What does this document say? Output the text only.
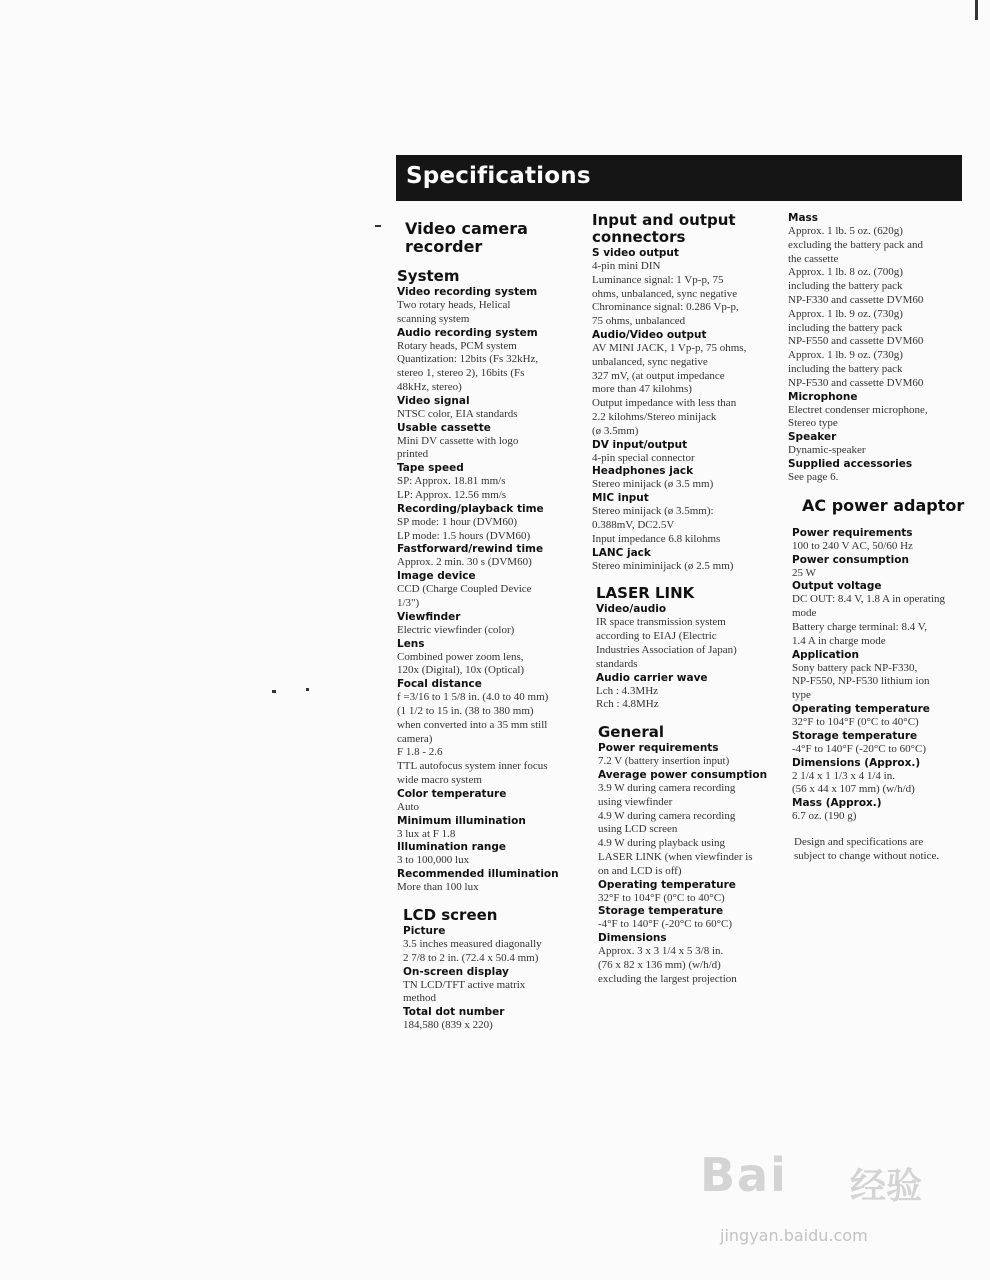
Specifications
Video camera
recorder
System
Video recording system
Two rotary heads, Helical
scanning system
Audio recording system
Rotary heads, PCM system
Quantization: 12bits (Fs 32kHz,
stereo 1, stereo 2), 16bits (Fs
48kHz, stereo)
Video signal
NTSC color, EIA standards
Usable cassette
Mini DV cassette with logo
printed
Tape speed
SP: Approx. 18.81 mm/s
LP: Approx. 12.56 mm/s
Recording/playback time
SP mode: 1 hour (DVM60)
LP mode: 1.5 hours (DVM60)
Fastforward/rewind time
Approx. 2 min. 30 s (DVM60)
Image device
CCD (Charge Coupled Device
1/3")
Viewfinder
Electric viewfinder (color)
Lens
Combined power zoom lens,
120x (Digital), 10x (Optical)
Focal distance
f =3/16 to 1 5/8 in. (4.0 to 40 mm)
(1 1/2 to 15 in. (38 to 380 mm)
when converted into a 35 mm still
camera)
F 1.8 - 2.6
TTL autofocus system inner focus
wide macro system
Color temperature
Auto
Minimum illumination
3 lux at F 1.8
Illumination range
3 to 100,000 lux
Recommended illumination
More than 100 lux
LCD screen
Picture
3.5 inches measured diagonally
2 7/8 to 2 in. (72.4 x 50.4 mm)
On-screen display
TN LCD/TFT active matrix
method
Total dot number
184,580 (839 x 220)
Input and output
connectors
S video output
4-pin mini DIN
Luminance signal: 1 Vp-p, 75
ohms, unbalanced, sync negative
Chrominance signal: 0.286 Vp-p,
75 ohms, unbalanced
Audio/Video output
AV MINI JACK, 1 Vp-p, 75 ohms,
unbalanced, sync negative
327 mV, (at output impedance
more than 47 kilohms)
Output impedance with less than
2.2 kilohms/Stereo minijack
(ø 3.5mm)
DV input/output
4-pin special connector
Headphones jack
Stereo minijack (ø 3.5 mm)
MIC input
Stereo minijack (ø 3.5mm):
0.388mV, DC2.5V
Input impedance 6.8 kilohms
LANC jack
Stereo miniminijack (ø 2.5 mm)
LASER LINK
Video/audio
IR space transmission system
according to EIAJ (Electric
Industries Association of Japan)
standards
Audio carrier wave
Lch : 4.3MHz
Rch : 4.8MHz
General
Power requirements
7.2 V (battery insertion input)
Average power consumption
3.9 W during camera recording
using viewfinder
4.9 W during camera recording
using LCD screen
4.9 W during playback using
LASER LINK (when viewfinder is
on and LCD is off)
Operating temperature
32°F to 104°F (0°C to 40°C)
Storage temperature
-4°F to 140°F (-20°C to 60°C)
Dimensions
Approx. 3 x 3 1/4 x 5 3/8 in.
(76 x 82 x 136 mm) (w/h/d)
excluding the largest projection
Mass
Approx. 1 lb. 5 oz. (620g)
excluding the battery pack and
the cassette
Approx. 1 lb. 8 oz. (700g)
including the battery pack
NP-F330 and cassette DVM60
Approx. 1 lb. 9 oz. (730g)
including the battery pack
NP-F550 and cassette DVM60
Approx. 1 lb. 9 oz. (730g)
including the battery pack
NP-F530 and cassette DVM60
Microphone
Electret condenser microphone,
Stereo type
Speaker
Dynamic-speaker
Supplied accessories
See page 6.
AC power adaptor
Power requirements
100 to 240 V AC, 50/60 Hz
Power consumption
25 W
Output voltage
DC OUT: 8.4 V, 1.8 A in operating
mode
Battery charge terminal: 8.4 V,
1.4 A in charge mode
Application
Sony battery pack NP-F330,
NP-F550, NP-F530 lithium ion
type
Operating temperature
32°F to 104°F (0°C to 40°C)
Storage temperature
-4°F to 140°F (-20°C to 60°C)
Dimensions (Approx.)
2 1/4 x 1 1/3 x 4 1/4 in.
(56 x 44 x 107 mm) (w/h/d)
Mass (Approx.)
6.7 oz. (190 g)
Design and specifications are
subject to change without notice.
Bai 经验
jingyan.baidu.com
